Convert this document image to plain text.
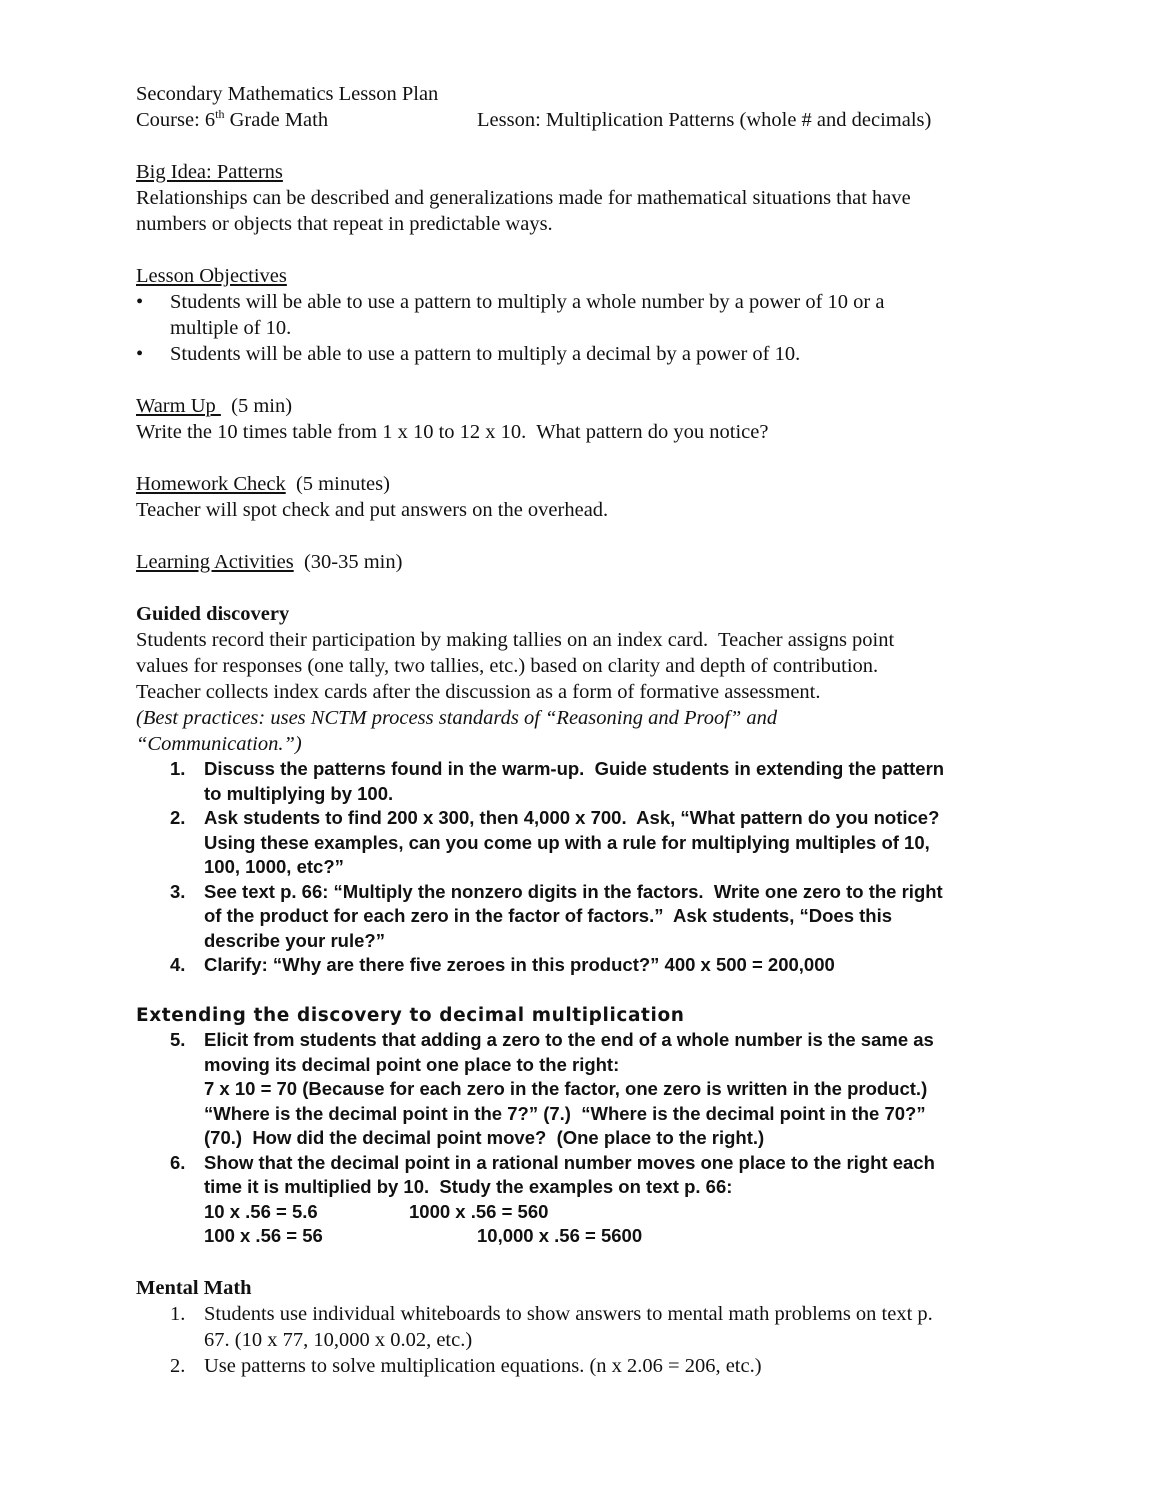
Secondary Mathematics Lesson Plan
Course: 6th Grade Math	Lesson: Multiplication Patterns (whole # and decimals)
Big Idea: Patterns
Relationships can be described and generalizations made for mathematical situations that have
numbers or objects that repeat in predictable ways.
Lesson Objectives
• Students will be able to use a pattern to multiply a whole number by a power of 10 or a
multiple of 10.
• Students will be able to use a pattern to multiply a decimal by a power of 10.
Warm Up   (5 min)
Write the 10 times table from 1 x 10 to 12 x 10.  What pattern do you notice?
Homework Check  (5 minutes)
Teacher will spot check and put answers on the overhead.
Learning Activities  (30-35 min)
Guided discovery
Students record their participation by making tallies on an index card.  Teacher assigns point
values for responses (one tally, two tallies, etc.) based on clarity and depth of contribution.
Teacher collects index cards after the discussion as a form of formative assessment.
(Best practices: uses NCTM process standards of “Reasoning and Proof” and
“Communication.”)
1. Discuss the patterns found in the warm-up.  Guide students in extending the pattern
to multiplying by 100.
2. Ask students to find 200 x 300, then 4,000 x 700.  Ask, “What pattern do you notice?
Using these examples, can you come up with a rule for multiplying multiples of 10,
100, 1000, etc?”
3. See text p. 66: “Multiply the nonzero digits in the factors.  Write one zero to the right
of the product for each zero in the factor of factors.”  Ask students, “Does this
describe your rule?”
4. Clarify: “Why are there five zeroes in this product?” 400 x 500 = 200,000
Extending the discovery to decimal multiplication
5. Elicit from students that adding a zero to the end of a whole number is the same as
moving its decimal point one place to the right:
7 x 10 = 70 (Because for each zero in the factor, one zero is written in the product.)
“Where is the decimal point in the 7?” (7.)  “Where is the decimal point in the 70?”
(70.)  How did the decimal point move?  (One place to the right.)
6. Show that the decimal point in a rational number moves one place to the right each
time it is multiplied by 10.  Study the examples on text p. 66:
10 x .56 = 5.6	1000 x .56 = 560
100 x .56 = 56	10,000 x .56 = 5600
Mental Math
1. Students use individual whiteboards to show answers to mental math problems on text p.
67. (10 x 77, 10,000 x 0.02, etc.)
2. Use patterns to solve multiplication equations. (n x 2.06 = 206, etc.)
